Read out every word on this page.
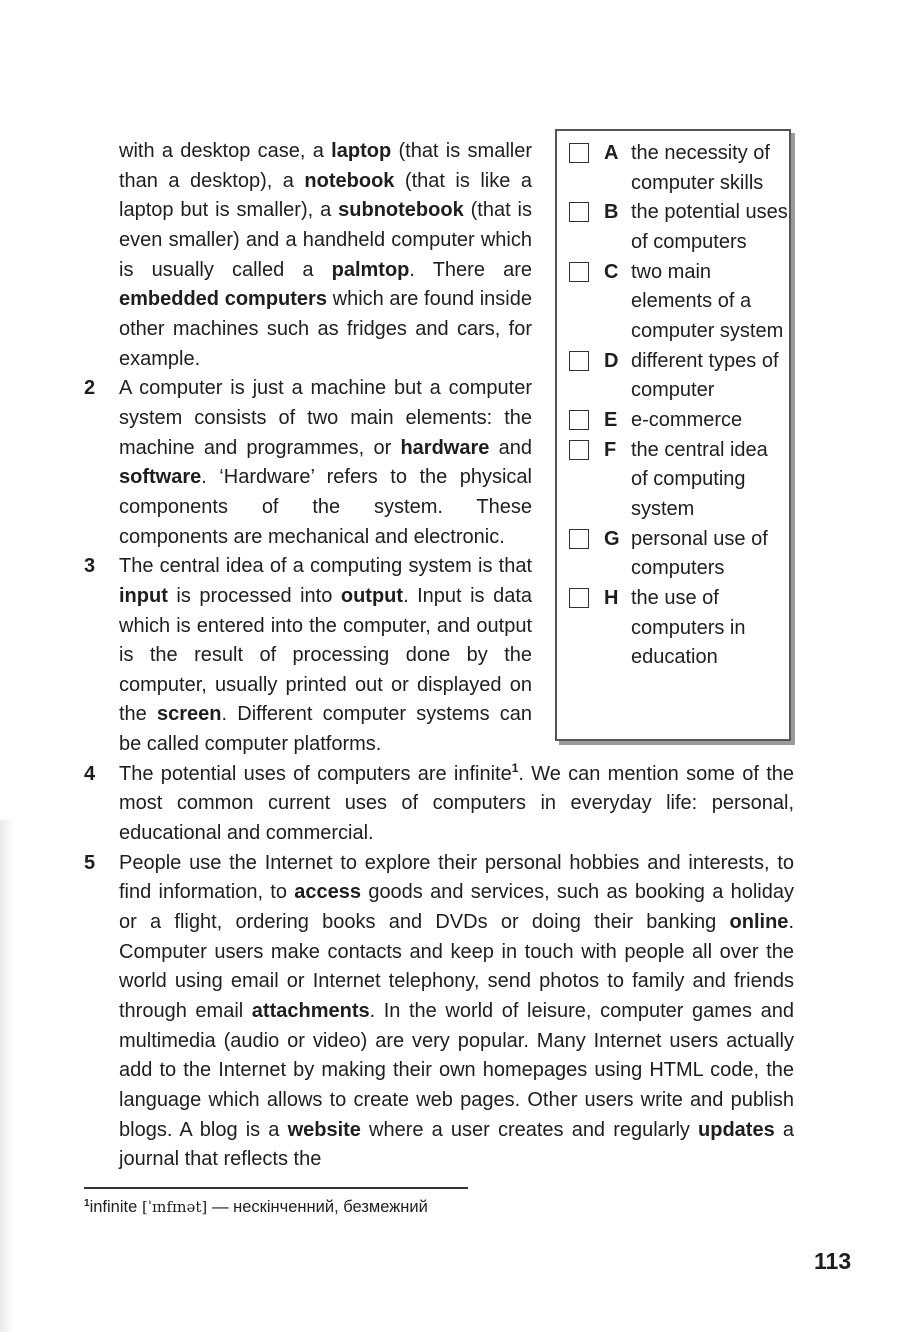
A the necessity of computer skills
B the potential uses of computers
C two main elements of a computer system
D different types of computer
E e-commerce
F the central idea of computing system
G personal use of computers
H the use of computers in education

with a desktop case, a laptop (that is smaller than a desktop), a notebook (that is like a laptop but is smaller), a subnotebook (that is even smaller) and a handheld computer which is usually called a palmtop. There are embedded computers which are found inside other machines such as fridges and cars, for example.

2 A computer is just a machine but a computer system consists of two main elements: the machine and programmes, or hardware and software. ‘Hardware’ refers to the physical components of the system. These components are mechanical and electronic.

3 The central idea of a computing system is that input is processed into output. Input is data which is entered into the computer, and output is the result of processing done by the computer, usually printed out or displayed on the screen. Different computer systems can be called computer platforms.

4 The potential uses of computers are infinite$^1$. We can mention some of the most common current uses of computers in everyday life: personal, educational and commercial.

5 People use the Internet to explore their personal hobbies and interests, to find information, to access goods and services, such as booking a holiday or a flight, ordering books and DVDs or doing their banking online. Computer users make contacts and keep in touch with people all over the world using email or Internet telephony, send photos to family and friends through email attachments. In the world of leisure, computer games and multimedia (audio or video) are very popular. Many Internet users actually add to the Internet by making their own homepages using HTML code, the language which allows to create web pages. Other users write and publish blogs. A blog is a website where a user creates and regularly updates a journal that reflects the

$^1$infinite [ˈɪnfɪnət] — нескінченний, безмежний
113
